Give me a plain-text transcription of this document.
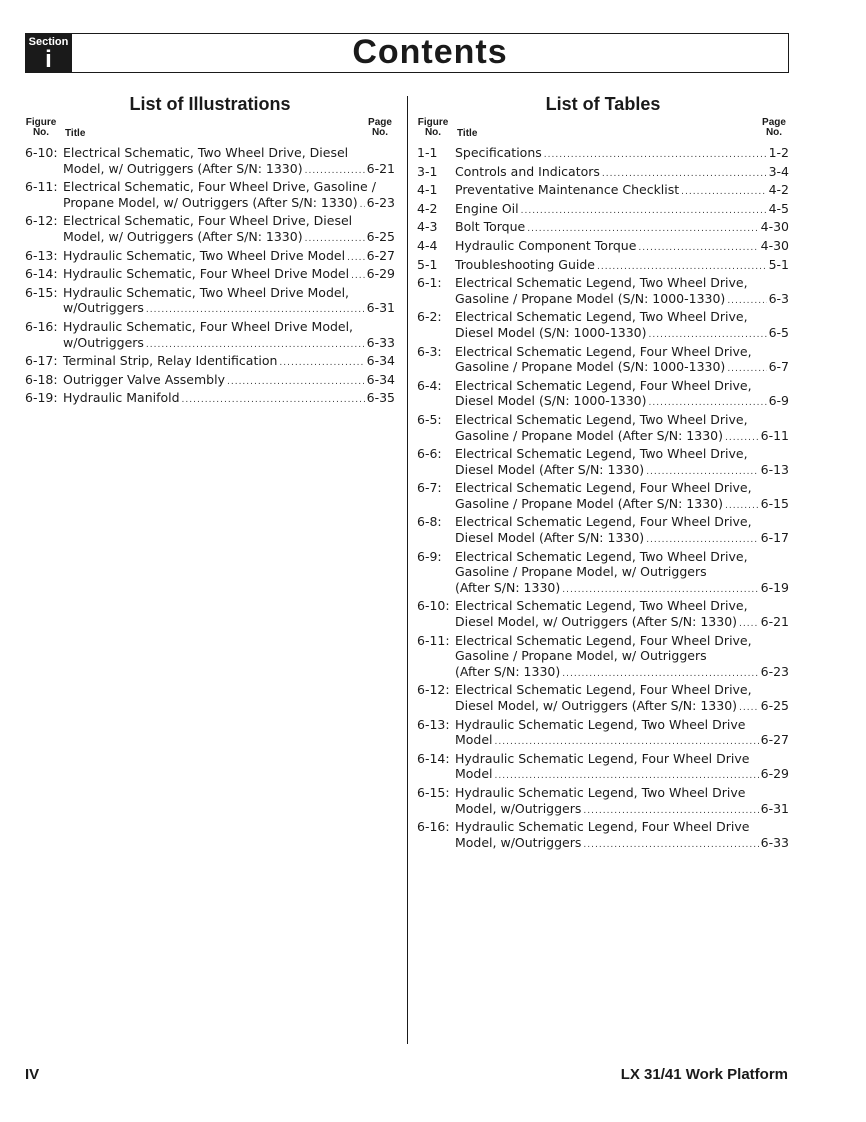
Section
i	Contents
List of Illustrations
Figure
No.	Title
Page
No.
6-10: Electrical Schematic, Two Wheel Drive, Diesel
Model, w/ Outriggers (After S/N: 1330) .....	6-21
6-11: Electrical Schematic, Four Wheel Drive, Gasoline /
Propane Model, w/ Outriggers (After S/N: 1330) ..... 6-23
6-12: Electrical Schematic, Four Wheel Drive, Diesel
Model, w/ Outriggers (After S/N: 1330) .....	6-25
6-13: Hydraulic Schematic, Two Wheel Drive Model ..... 6-27
6-14: Hydraulic Schematic, Four Wheel Drive Model ..... 6-29
6-15: Hydraulic Schematic, Two Wheel Drive Model,
w/Outriggers .....	6-31
6-16: Hydraulic Schematic, Four Wheel Drive Model,
w/Outriggers .....	6-33
6-17: Terminal Strip, Relay Identification .....	6-34
6-18: Outrigger Valve Assembly .....	6-34
6-19: Hydraulic Manifold .....	6-35
List of Tables
Figure
No.	Title
Page
No.
1-1	Specifications .....	1-2
3-1	Controls and Indicators .....	3-4
4-1	Preventative Maintenance Checklist .....	4-2
4-2	Engine Oil .....	4-5
4-3	Bolt Torque .....	4-30
4-4	Hydraulic Component Torque .....	4-30
5-1	Troubleshooting Guide .....	5-1
6-1:	Electrical Schematic Legend, Two Wheel Drive,
Gasoline / Propane Model (S/N: 1000-1330) .....	6-3
6-2:	Electrical Schematic Legend, Two Wheel Drive,
Diesel Model (S/N: 1000-1330) .....	6-5
6-3:	Electrical Schematic Legend, Four Wheel Drive,
Gasoline / Propane Model (S/N: 1000-1330) .....	6-7
6-4:	Electrical Schematic Legend, Four Wheel Drive,
Diesel Model (S/N: 1000-1330) .....	6-9
6-5:	Electrical Schematic Legend, Two Wheel Drive,
Gasoline / Propane Model (After S/N: 1330) .....	6-11
6-6:	Electrical Schematic Legend, Two Wheel Drive,
Diesel Model (After S/N: 1330) .....	6-13
6-7:	Electrical Schematic Legend, Four Wheel Drive,
Gasoline / Propane Model (After S/N: 1330) .....	6-15
6-8:	Electrical Schematic Legend, Four Wheel Drive,
Diesel Model (After S/N: 1330) .....	6-17
6-9:	Electrical Schematic Legend, Two Wheel Drive,
Gasoline / Propane Model, w/ Outriggers
(After S/N: 1330) .....	6-19
6-10: Electrical Schematic Legend, Two Wheel Drive,
Diesel Model, w/ Outriggers (After S/N: 1330) ..... 6-21
6-11: Electrical Schematic Legend, Four Wheel Drive,
Gasoline / Propane Model, w/ Outriggers
(After S/N: 1330) .....	6-23
6-12: Electrical Schematic Legend, Four Wheel Drive,
Diesel Model, w/ Outriggers (After S/N: 1330) ..... 6-25
6-13: Hydraulic Schematic Legend, Two Wheel Drive
Model .....	6-27
6-14: Hydraulic Schematic Legend, Four Wheel Drive
Model .....	6-29
6-15: Hydraulic Schematic Legend, Two Wheel Drive
Model, w/Outriggers .....	6-31
6-16: Hydraulic Schematic Legend, Four Wheel Drive
Model, w/Outriggers .....	6-33
IV	LX 31/41 Work Platform
